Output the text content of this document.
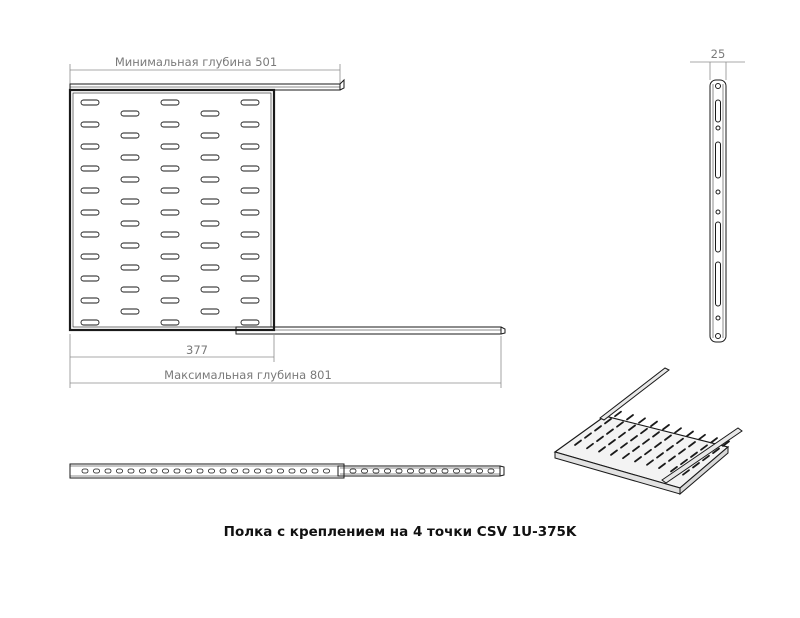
Минимальная глубина 501
377
Максимальная глубина 801
25
Полка с креплением на 4 точки CSV 1U-375K
